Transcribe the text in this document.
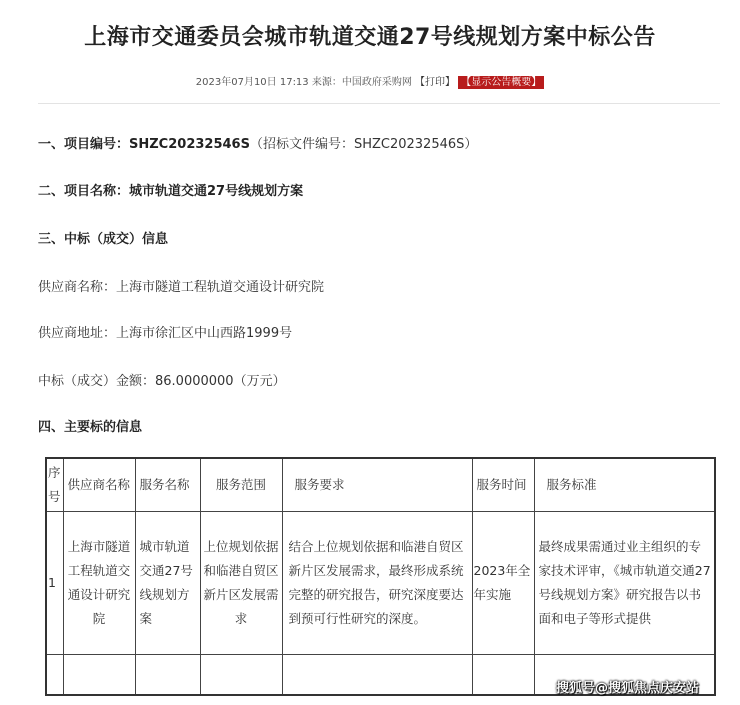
上海市交通委员会城市轨道交通27号线规划方案中标公告
2023年07月10日 17:13 来源：中国政府采购网 【打印】 【显示公告概要】
一、项目编号：SHZC20232546S（招标文件编号：SHZC20232546S）
二、项目名称：城市轨道交通27号线规划方案
三、中标（成交）信息
供应商名称：上海市隧道工程轨道交通设计研究院
供应商地址：上海市徐汇区中山西路1999号
中标（成交）金额：86.0000000（万元）
四、主要标的信息
序号	供应商名称	服务名称	服务范围	服务要求	服务时间	服务标准
1	上海市隧道工程轨道交通设计研究院	城市轨道交通27号线规划方案	上位规划依据和临港自贸区新片区发展需求	结合上位规划依据和临港自贸区新片区发展需求，最终形成系统完整的研究报告，研究深度要达到预可行性研究的深度。	2023年全年实施	最终成果需通过业主组织的专家技术评审，《城市轨道交通27号线规划方案》研究报告以书面和电子等形式提供

搜狐号@搜狐焦点庆安站
